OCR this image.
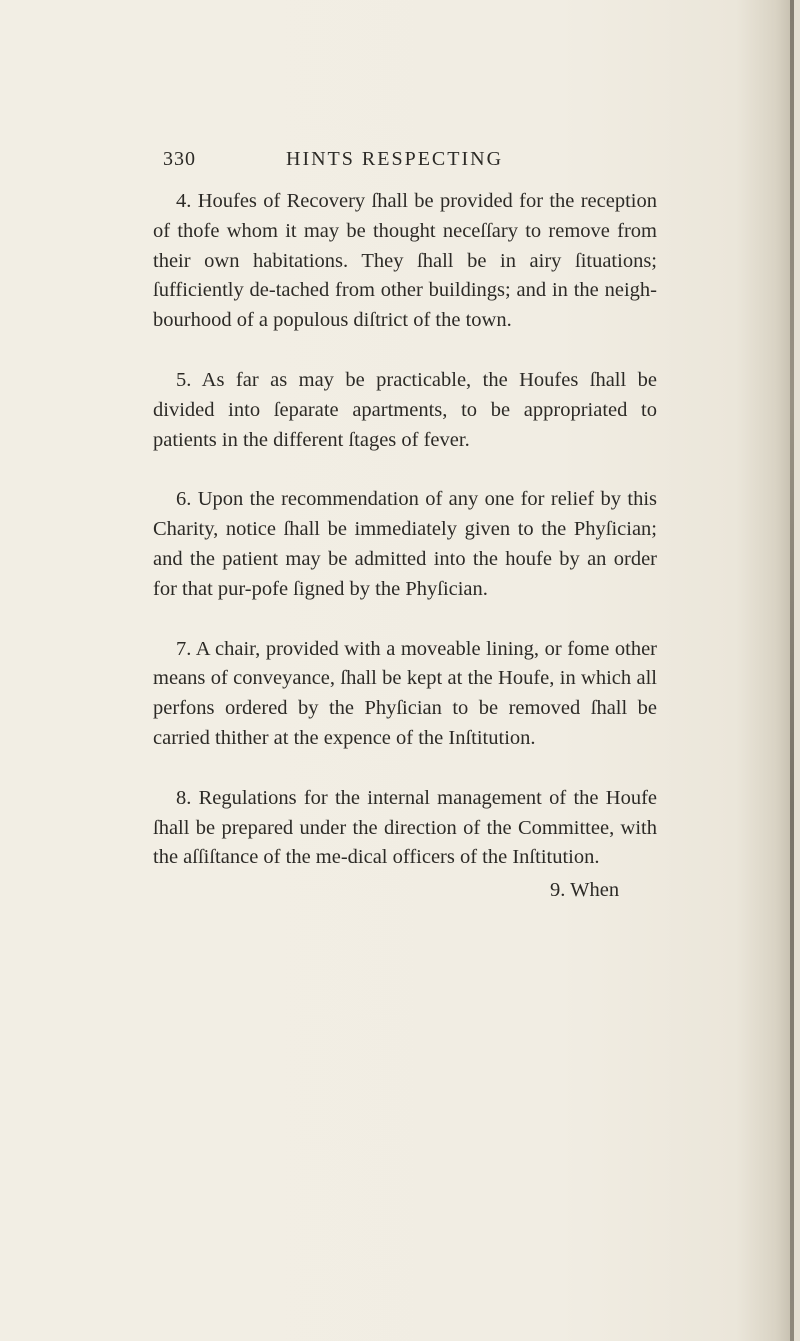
330	HINTS RESPECTING

4. Houfes of Recovery ſhall be provided for the reception of thofe whom it may be thought neceſſary to remove from their own habitations. They ſhall be in airy ſituations; ſufficiently de-tached from other buildings; and in the neigh-bourhood of a populous diſtrict of the town.

5. As far as may be practicable, the Houfes ſhall be divided into ſeparate apartments, to be appropriated to patients in the different ſtages of fever.

6. Upon the recommendation of any one for relief by this Charity, notice ſhall be immediately given to the Phyſician; and the patient may be admitted into the houfe by an order for that pur-pofe ſigned by the Phyſician.

7. A chair, provided with a moveable lining, or fome other means of conveyance, ſhall be kept at the Houfe, in which all perfons ordered by the Phyſician to be removed ſhall be carried thither at the expence of the Inſtitution.

8. Regulations for the internal management of the Houfe ſhall be prepared under the direction of the Committee, with the aſſiſtance of the me-dical officers of the Inſtitution.

9. When
